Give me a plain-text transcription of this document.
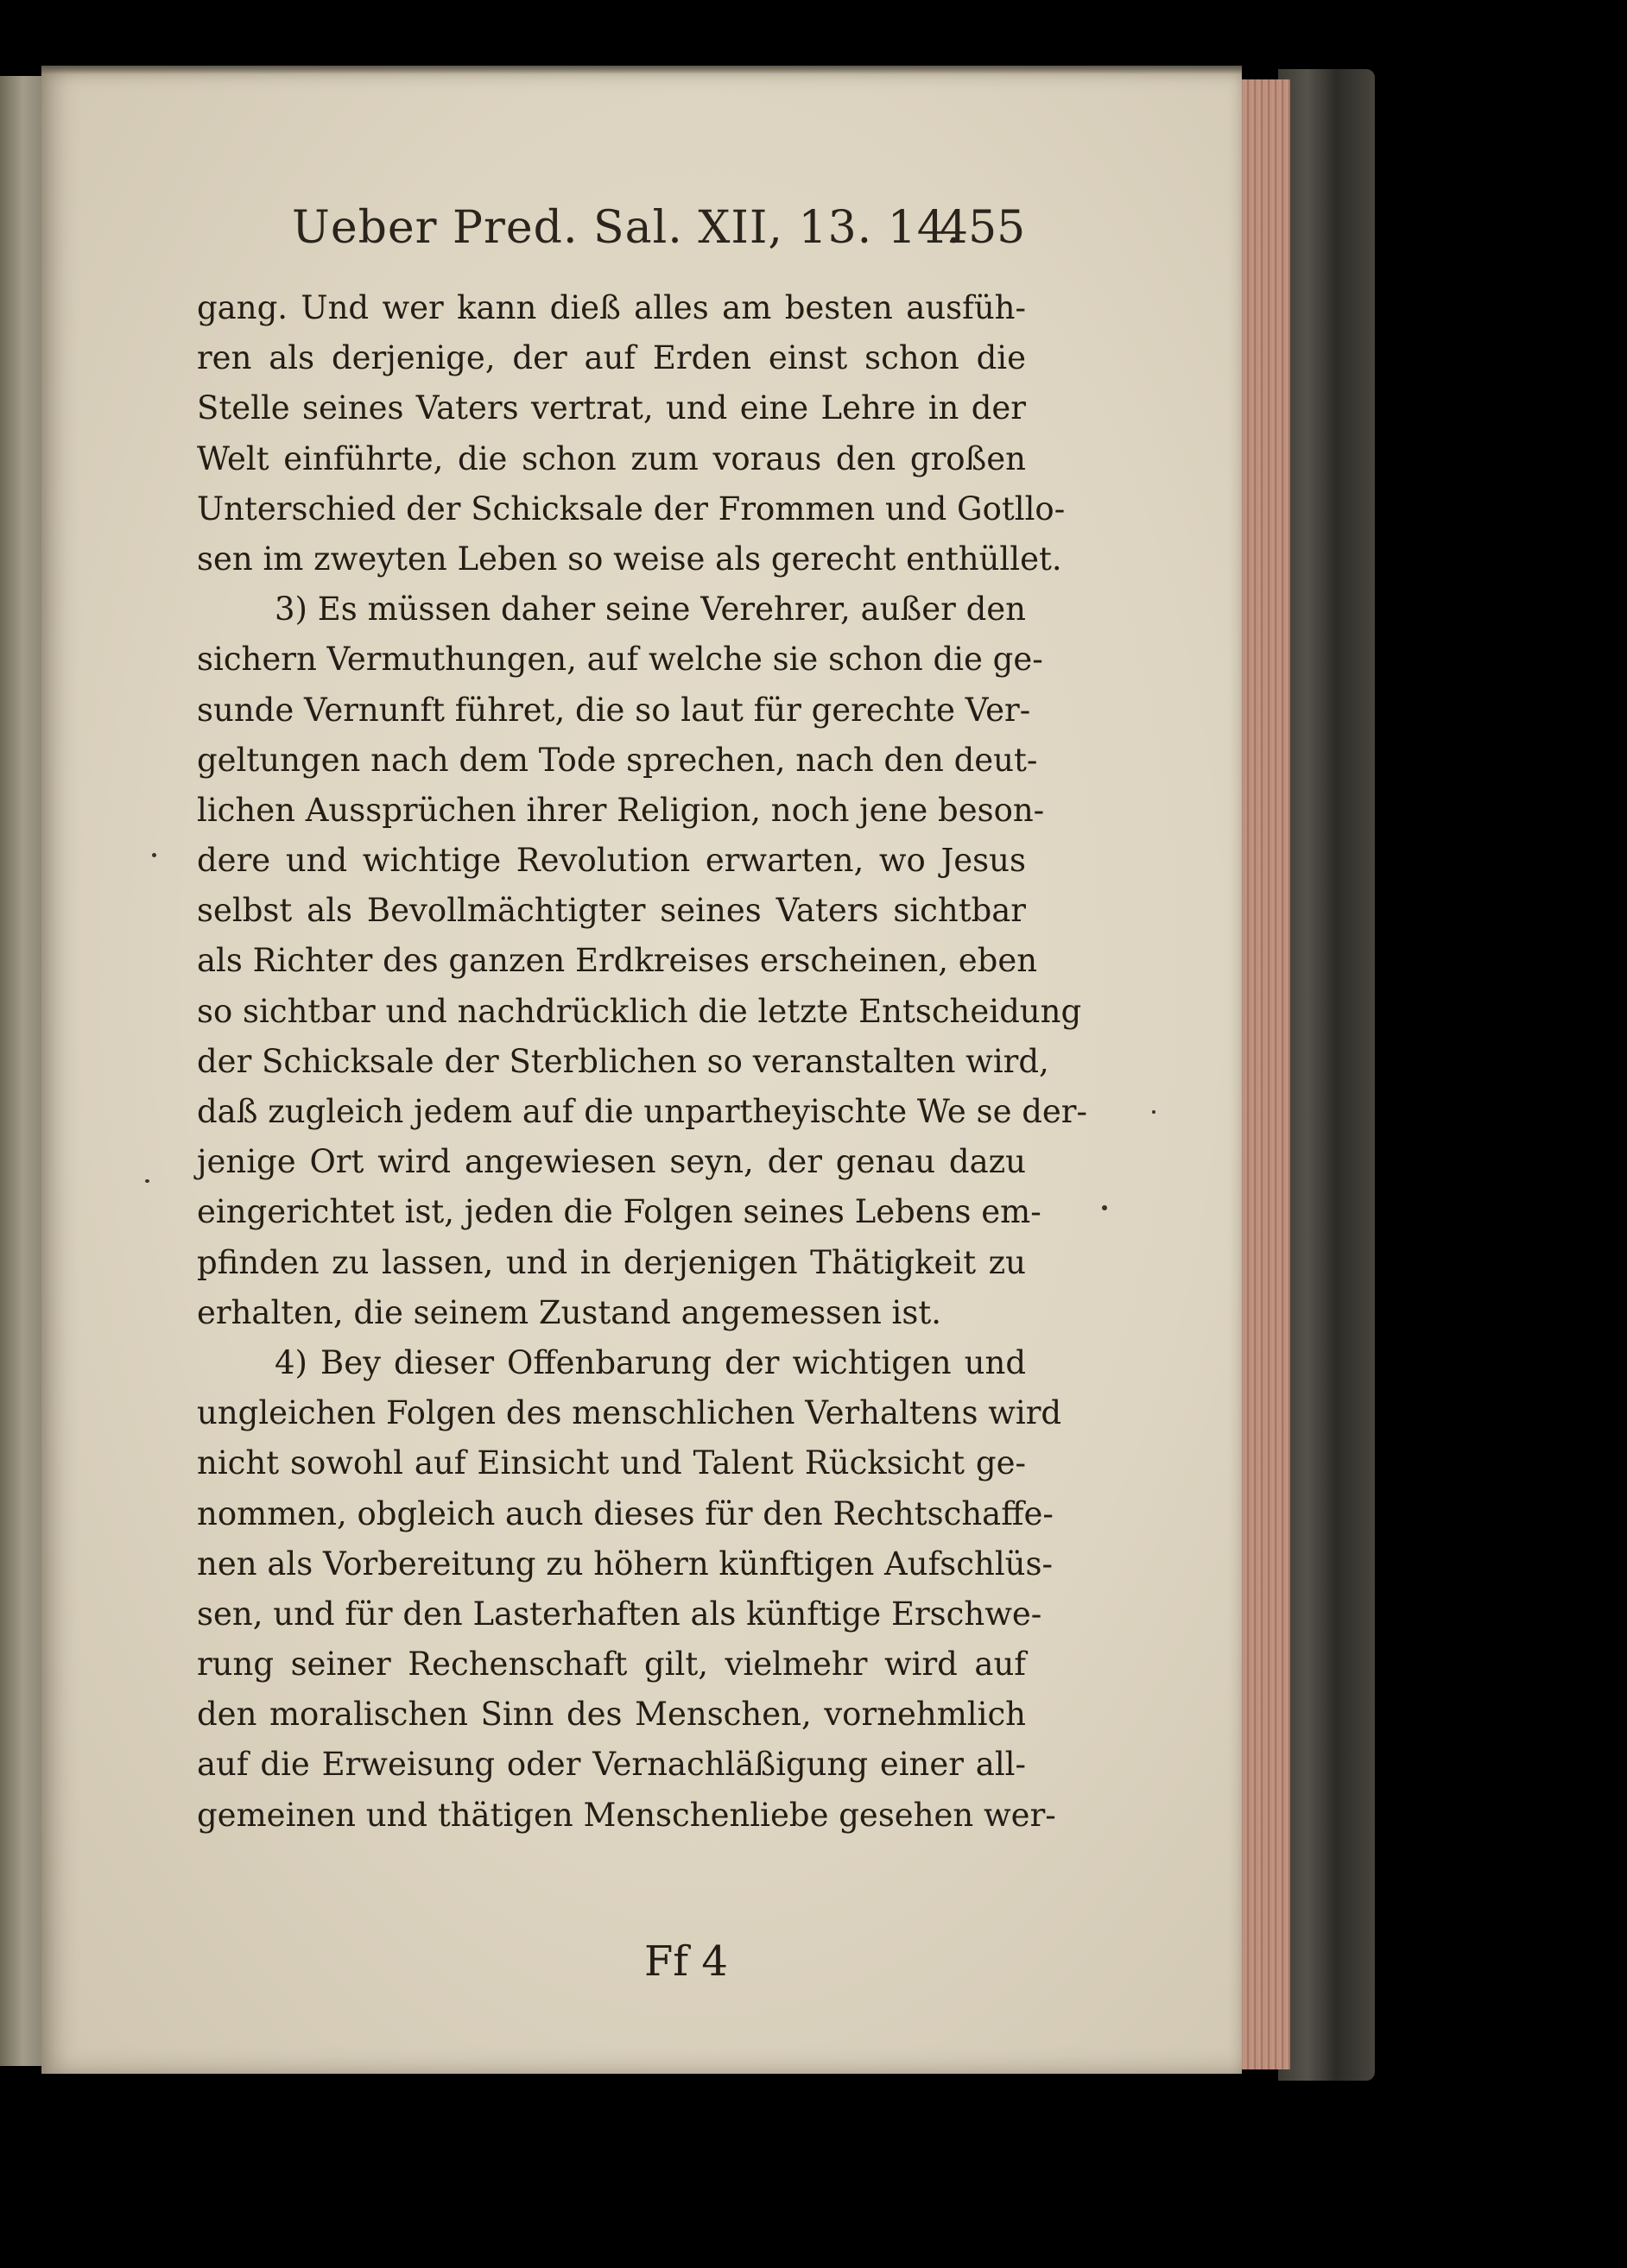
Ueber Pred. Sal. XII, 13. 14.
455
gang. Und wer kann dieß alles am besten ausfüh-
ren als derjenige, der auf Erden einst schon die
Stelle seines Vaters vertrat, und eine Lehre in der
Welt einführte, die schon zum voraus den großen
Unterschied der Schicksale der Frommen und Gotllo-
sen im zweyten Leben so weise als gerecht enthüllet.
3) Es müssen daher seine Verehrer, außer den
sichern Vermuthungen, auf welche sie schon die ge-
sunde Vernunft führet, die so laut für gerechte Ver-
geltungen nach dem Tode sprechen, nach den deut-
lichen Aussprüchen ihrer Religion, noch jene beson-
dere und wichtige Revolution erwarten, wo Jesus
selbst als Bevollmächtigter seines Vaters sichtbar
als Richter des ganzen Erdkreises erscheinen, eben
so sichtbar und nachdrücklich die letzte Entscheidung
der Schicksale der Sterblichen so veranstalten wird,
daß zugleich jedem auf die unpartheyischte We se der-
jenige Ort wird angewiesen seyn, der genau dazu
eingerichtet ist, jeden die Folgen seines Lebens em-
pfinden zu lassen, und in derjenigen Thätigkeit zu
erhalten, die seinem Zustand angemessen ist.
4) Bey dieser Offenbarung der wichtigen und
ungleichen Folgen des menschlichen Verhaltens wird
nicht sowohl auf Einsicht und Talent Rücksicht ge-
nommen, obgleich auch dieses für den Rechtschaffe-
nen als Vorbereitung zu höhern künftigen Aufschlüs-
sen, und für den Lasterhaften als künftige Erschwe-
rung seiner Rechenschaft gilt, vielmehr wird auf
den moralischen Sinn des Menschen, vornehmlich
auf die Erweisung oder Vernachläßigung einer all-
gemeinen und thätigen Menschenliebe gesehen wer-
Ff 4
